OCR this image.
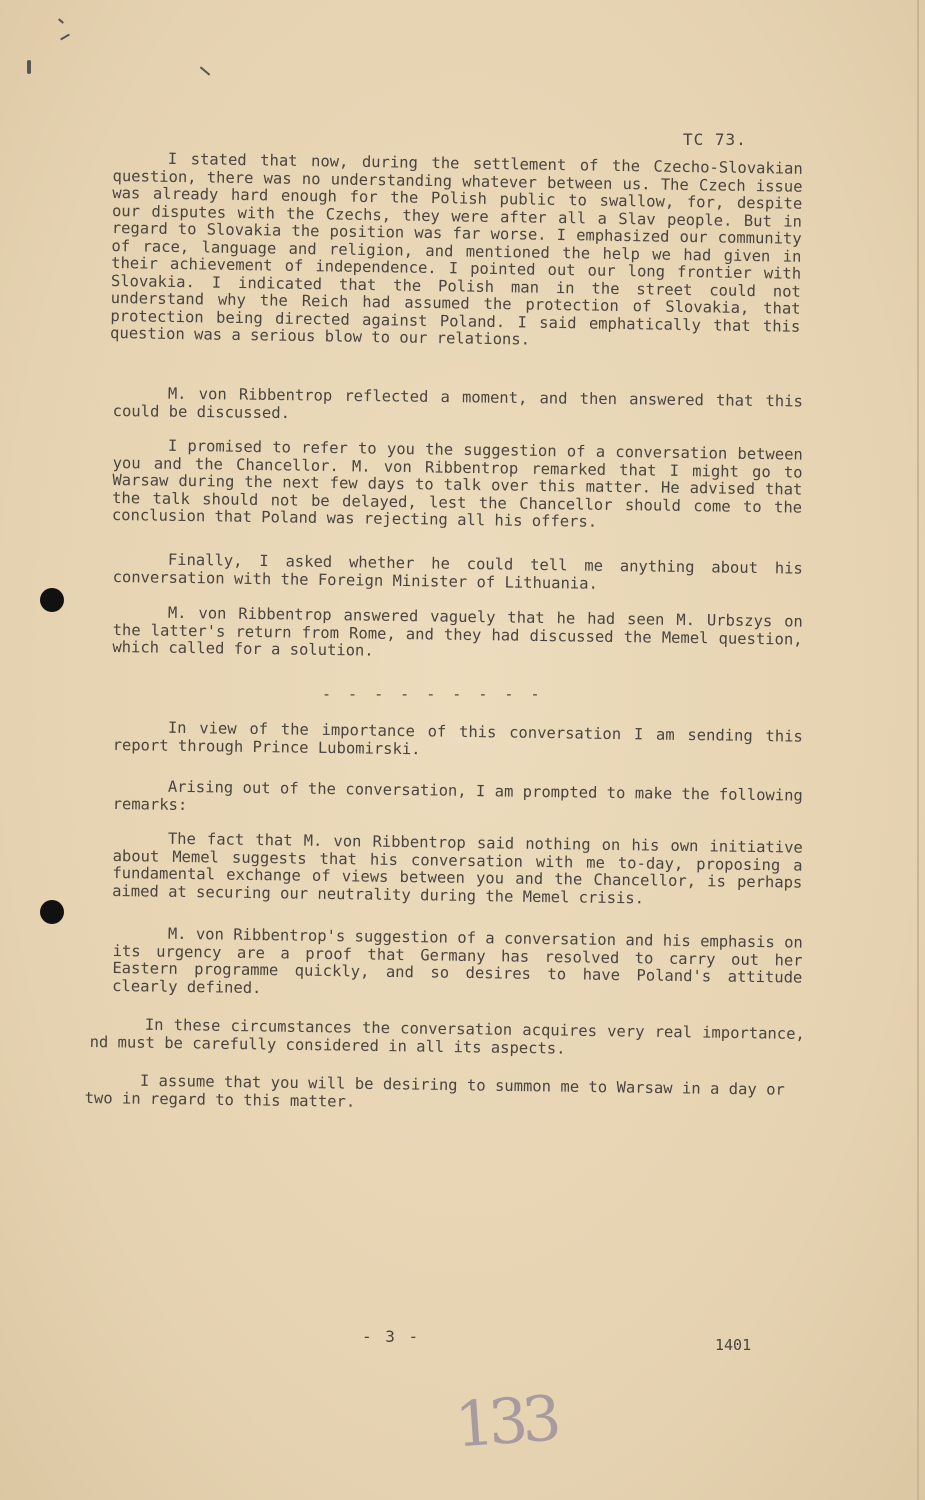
TC 73.

I stated that now, during the settlement of the Czecho-Slovakian question, there was no understanding whatever between us. The Czech issue was already hard enough for the Polish public to swallow, for, despite our disputes with the Czechs, they were after all a Slav people. But in regard to Slovakia the position was far worse. I emphasized our community of race, language and religion, and mentioned the help we had given in their achievement of independence. I pointed out our long frontier with Slovakia. I indicated that the Polish man in the street could not understand why the Reich had assumed the protection of Slovakia, that protection being directed against Poland. I said emphatically that this question was a serious blow to our relations.

M. von Ribbentrop reflected a moment, and then answered that this could be discussed.

I promised to refer to you the suggestion of a conversation between you and the Chancellor. M. von Ribbentrop remarked that I might go to Warsaw during the next few days to talk over this matter. He advised that the talk should not be delayed, lest the Chancellor should come to the conclusion that Poland was rejecting all his offers.

Finally, I asked whether he could tell me anything about his conversation with the Foreign Minister of Lithuania.

M. von Ribbentrop answered vaguely that he had seen M. Urbszys on the latter's return from Rome, and they had discussed the Memel question, which called for a solution.

- - - - - - - - -

In view of the importance of this conversation I am sending this report through Prince Lubomirski.

Arising out of the conversation, I am prompted to make the following remarks:

The fact that M. von Ribbentrop said nothing on his own initiative about Memel suggests that his conversation with me to-day, proposing a fundamental exchange of views between you and the Chancellor, is perhaps aimed at securing our neutrality during the Memel crisis.

M. von Ribbentrop's suggestion of a conversation and his emphasis on its urgency are a proof that Germany has resolved to carry out her Eastern programme quickly, and so desires to have Poland's attitude clearly defined.

In these circumstances the conversation acquires very real importance, nd must be carefully considered in all its aspects.

I assume that you will be desiring to summon me to Warsaw in a day or two in regard to this matter.

- 3 -	1401
133
